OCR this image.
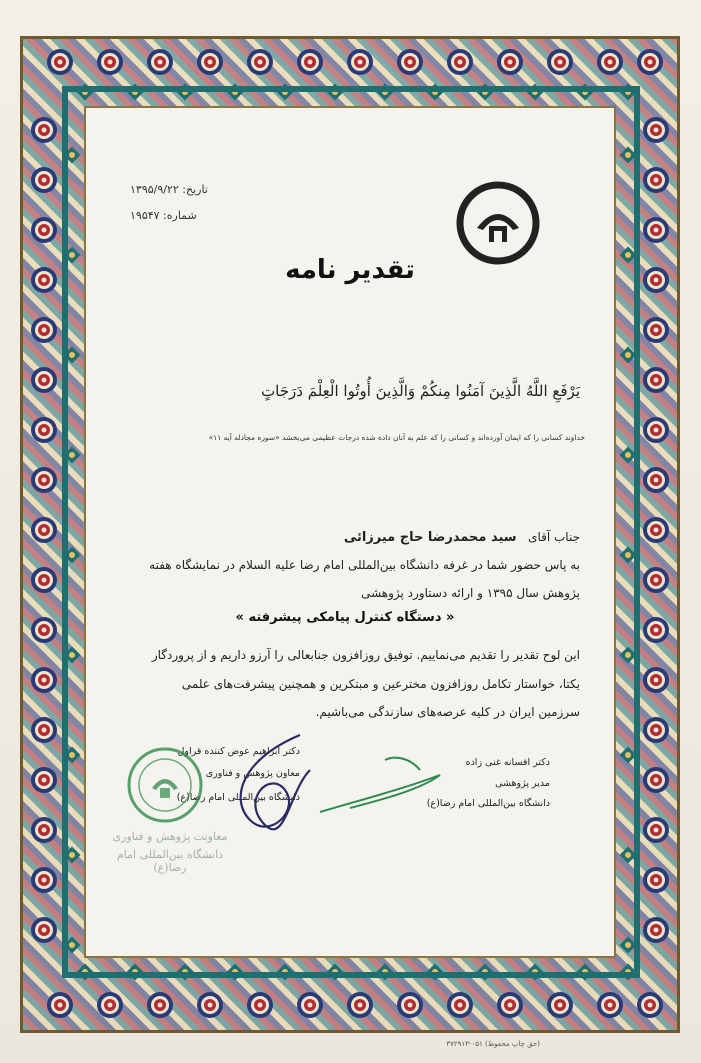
تاریخ: ۱۳۹۵/۹/۲۲
شماره: ۱۹۵۴۷
تقدیر نامه
يَرْفَعِ اللَّهُ الَّذِينَ آمَنُوا مِنكُمْ وَالَّذِينَ أُوتُوا الْعِلْمَ دَرَجَاتٍ
خداوند کسانی را که ایمان آورده‌اند و کسانی را که علم به آنان داده شده درجات عظیمی می‌بخشد «سوره مجادله آیه ۱۱»
جناب آقای   سید محمدرضا حاج میرزائی
به پاس حضور شما در غرفه دانشگاه بین‌المللی امام رضا علیه السلام در نمایشگاه هفته
پژوهش سال ۱۳۹۵ و ارائه دستاورد پژوهشی
« دستگاه کنترل پیامکی پیشرفته »
این لوح تقدیر را تقدیم می‌نماییم. توفیق روزافزون جنابعالی را آرزو داریم و از پروردگار
یکتا، خواستار تکامل روزافزون مخترعین و مبتکرین و همچنین پیشرفت‌های علمی
سرزمین ایران در کلیه عرصه‌های سازندگی می‌باشیم.
دکتر افسانه غنی زاده
مدیر پژوهشی
دانشگاه بین‌المللی امام رضا(ع)
دکتر ابراهیم عوض کننده قراول
معاون پژوهش و فناوری
دانشگاه بین‌المللی امام رضا(ع)
معاونت پژوهش و فناوری
دانشگاه بین‌المللی امام رضا(ع)
(حق چاپ محفوظ) ۰۵۱-۳۷۲۹۱۳
